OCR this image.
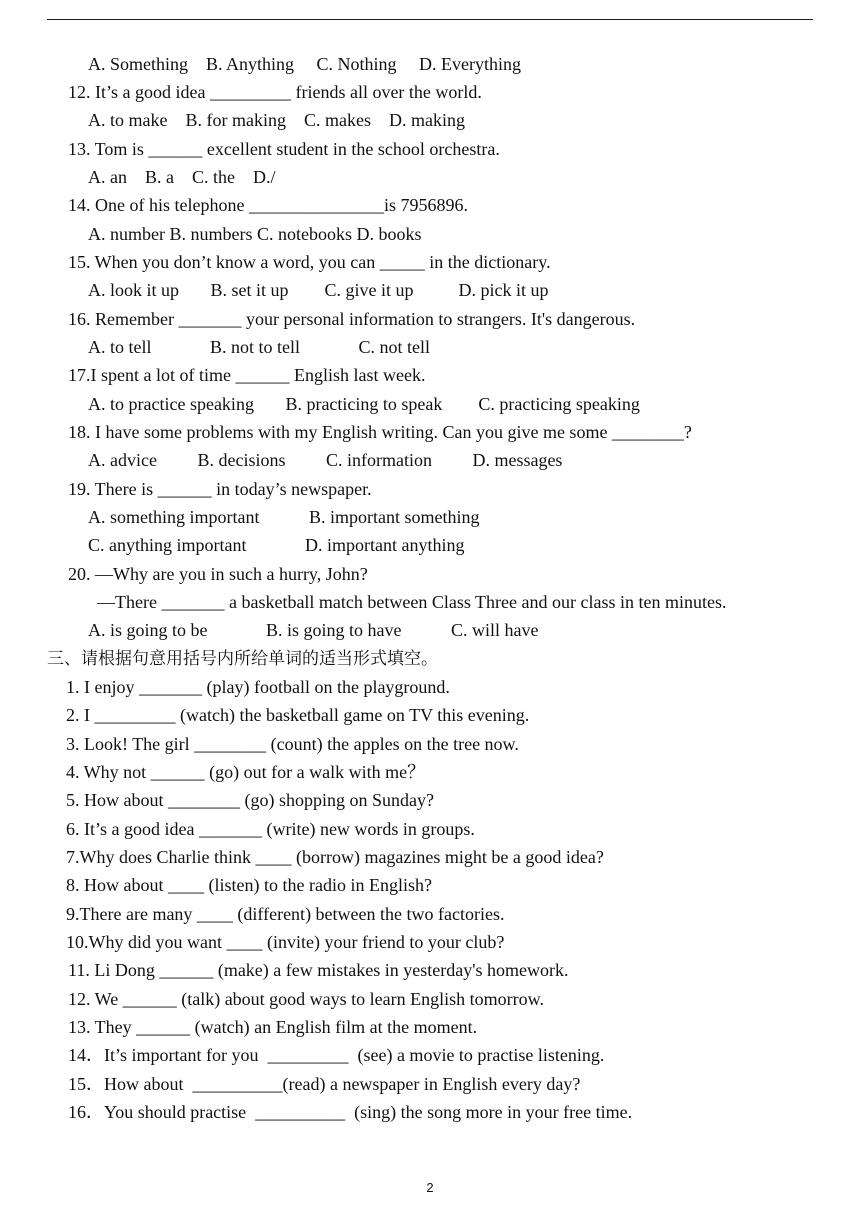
A. Something    B. Anything     C. Nothing     D. Everything
12. It’s a good idea _________ friends all over the world.
A. to make    B. for making    C. makes    D. making
13. Tom is ______ excellent student in the school orchestra.
A. an    B. a    C. the    D./
14. One of his telephone _______________is 7956896.
A. number B. numbers C. notebooks D. books
15. When you don’t know a word, you can _____ in the dictionary.
A. look it up       B. set it up        C. give it up          D. pick it up
16. Remember _______ your personal information to strangers. It's dangerous.
A. to tell             B. not to tell             C. not tell
17.I spent a lot of time ______ English last week.
A. to practice speaking       B. practicing to speak        C. practicing speaking
18. I have some problems with my English writing. Can you give me some ________?
A. advice         B. decisions         C. information         D. messages
19. There is ______ in today’s newspaper.
A. something important           B. important something
C. anything important             D. important anything
20. —Why are you in such a hurry, John?
—There _______ a basketball match between Class Three and our class in ten minutes.
A. is going to be             B. is going to have           C. will have
三、请根据句意用括号内所给单词的适当形式填空。
1. I enjoy _______ (play) football on the playground.
2. I _________ (watch) the basketball game on TV this evening.
3. Look! The girl ________ (count) the apples on the tree now.
4. Why not ______ (go) out for a walk with me？
5. How about ________ (go) shopping on Sunday?
6. It’s a good idea _______ (write) new words in groups.
7.Why does Charlie think ____ (borrow) magazines might be a good idea?
8. How about ____ (listen) to the radio in English?
9.There are many ____ (different) between the two factories.
10.Why did you want ____ (invite) your friend to your club?
11. Li Dong ______ (make) a few mistakes in yesterday's homework.
12. We ______ (talk) about good ways to learn English tomorrow.
13. They ______ (watch) an English film at the moment.
14．It’s important for you  _________  (see) a movie to practise listening.
15．How about  __________(read) a newspaper in English every day?
16．You should practise  __________  (sing) the song more in your free time.
2
